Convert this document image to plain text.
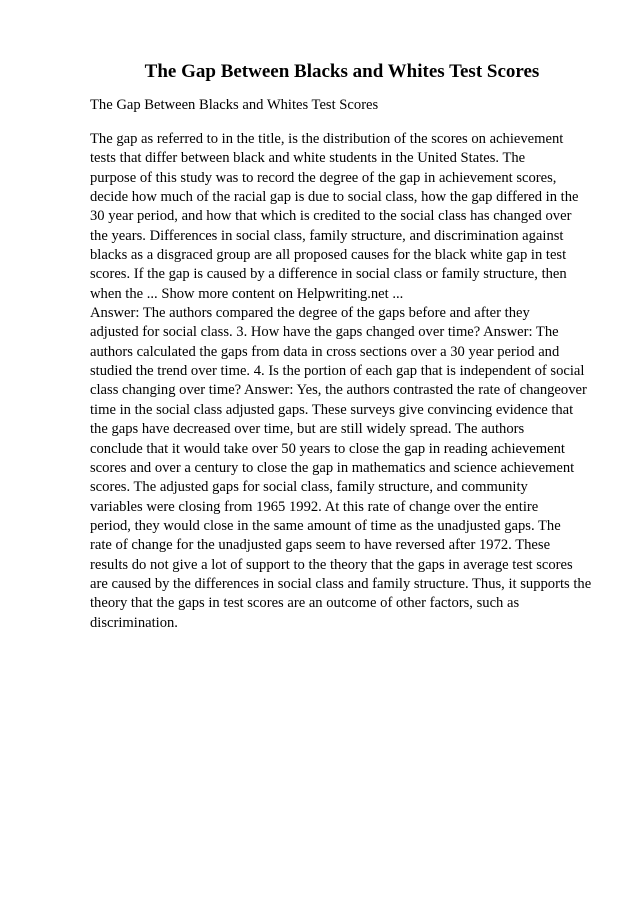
The Gap Between Blacks and Whites Test Scores

The Gap Between Blacks and Whites Test Scores

The gap as referred to in the title, is the distribution of the scores on achievement
tests that differ between black and white students in the United States. The
purpose of this study was to record the degree of the gap in achievement scores,
decide how much of the racial gap is due to social class, how the gap differed in the
30 year period, and how that which is credited to the social class has changed over
the years. Differences in social class, family structure, and discrimination against
blacks as a disgraced group are all proposed causes for the black white gap in test
scores. If the gap is caused by a difference in social class or family structure, then
when the ... Show more content on Helpwriting.net ...
Answer: The authors compared the degree of the gaps before and after they
adjusted for social class. 3. How have the gaps changed over time? Answer: The
authors calculated the gaps from data in cross sections over a 30 year period and
studied the trend over time. 4. Is the portion of each gap that is independent of social
class changing over time? Answer: Yes, the authors contrasted the rate of changeover
time in the social class adjusted gaps. These surveys give convincing evidence that
the gaps have decreased over time, but are still widely spread. The authors
conclude that it would take over 50 years to close the gap in reading achievement
scores and over a century to close the gap in mathematics and science achievement
scores. The adjusted gaps for social class, family structure, and community
variables were closing from 1965 1992. At this rate of change over the entire
period, they would close in the same amount of time as the unadjusted gaps. The
rate of change for the unadjusted gaps seem to have reversed after 1972. These
results do not give a lot of support to the theory that the gaps in average test scores
are caused by the differences in social class and family structure. Thus, it supports the
theory that the gaps in test scores are an outcome of other factors, such as
discrimination.
